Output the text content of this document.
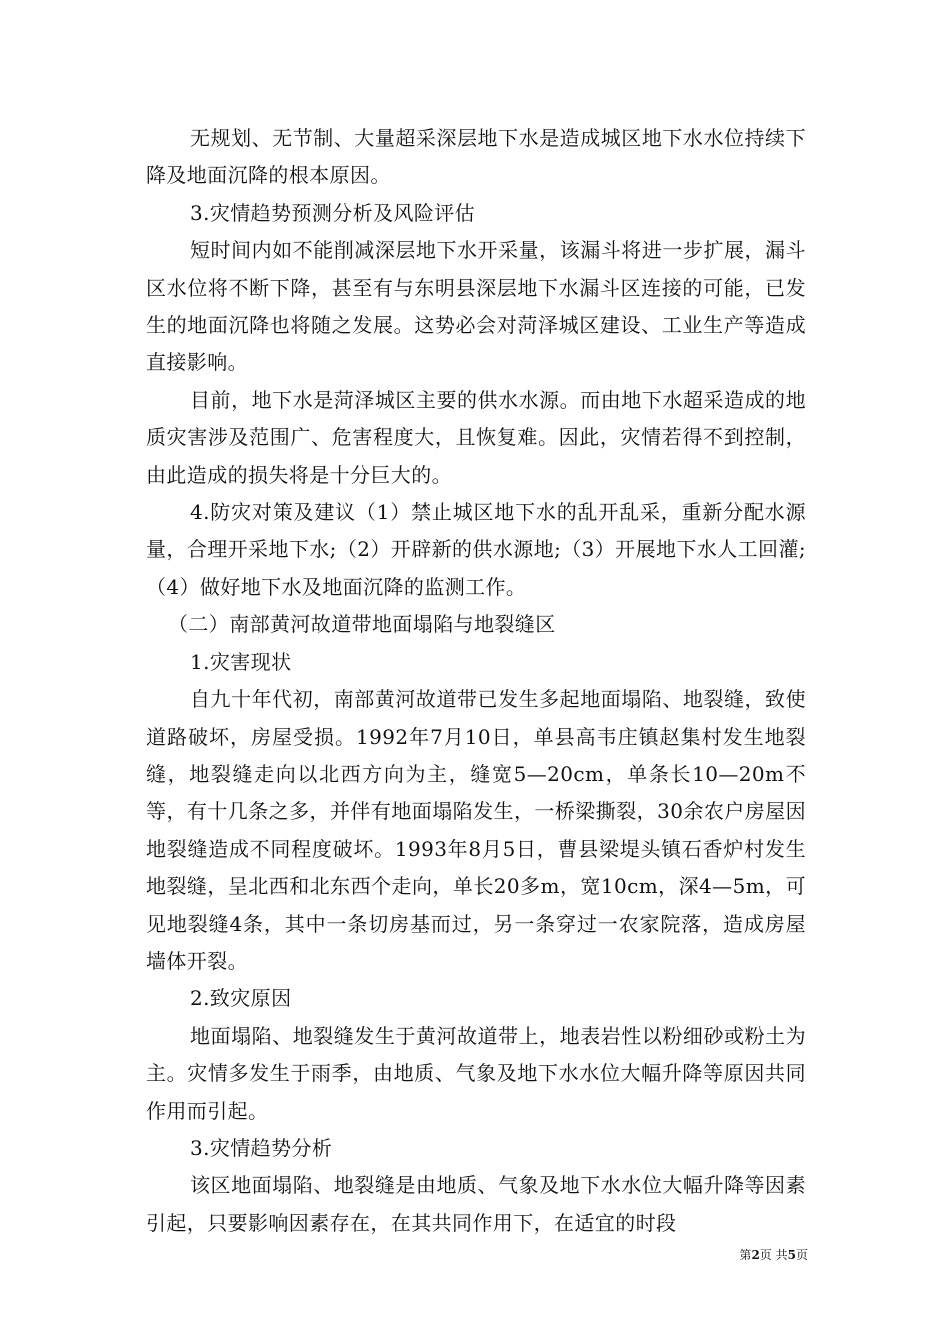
无规划、无节制、大量超采深层地下水是造成城区地下水水位持续下降及地面沉降的根本原因。

3.灾情趋势预测分析及风险评估

短时间内如不能削减深层地下水开采量，该漏斗将进一步扩展，漏斗区水位将不断下降，甚至有与东明县深层地下水漏斗区连接的可能，已发生的地面沉降也将随之发展。这势必会对菏泽城区建设、工业生产等造成直接影响。

目前，地下水是菏泽城区主要的供水水源。而由地下水超采造成的地质灾害涉及范围广、危害程度大，且恢复难。因此，灾情若得不到控制，由此造成的损失将是十分巨大的。

4.防灾对策及建议（1）禁止城区地下水的乱开乱采，重新分配水源量，合理开采地下水;（2）开辟新的供水源地;（3）开展地下水人工回灌;（4）做好地下水及地面沉降的监测工作。

（二）南部黄河故道带地面塌陷与地裂缝区

1.灾害现状

自九十年代初，南部黄河故道带已发生多起地面塌陷、地裂缝，致使道路破坏，房屋受损。1992年7月10日，单县高韦庄镇赵集村发生地裂缝，地裂缝走向以北西方向为主，缝宽5—20cm，单条长10—20m不等，有十几条之多，并伴有地面塌陷发生，一桥梁撕裂，30余农户房屋因地裂缝造成不同程度破坏。1993年8月5日，曹县梁堤头镇石香炉村发生地裂缝，呈北西和北东西个走向，单长20多m，宽10cm，深4—5m，可见地裂缝4条，其中一条切房基而过，另一条穿过一农家院落，造成房屋墙体开裂。

2.致灾原因

地面塌陷、地裂缝发生于黄河故道带上，地表岩性以粉细砂或粉土为主。灾情多发生于雨季，由地质、气象及地下水水位大幅升降等原因共同作用而引起。

3.灾情趋势分析

该区地面塌陷、地裂缝是由地质、气象及地下水水位大幅升降等因素引起，只要影响因素存在，在其共同作用下，在适宜的时段

第2页 共5页
